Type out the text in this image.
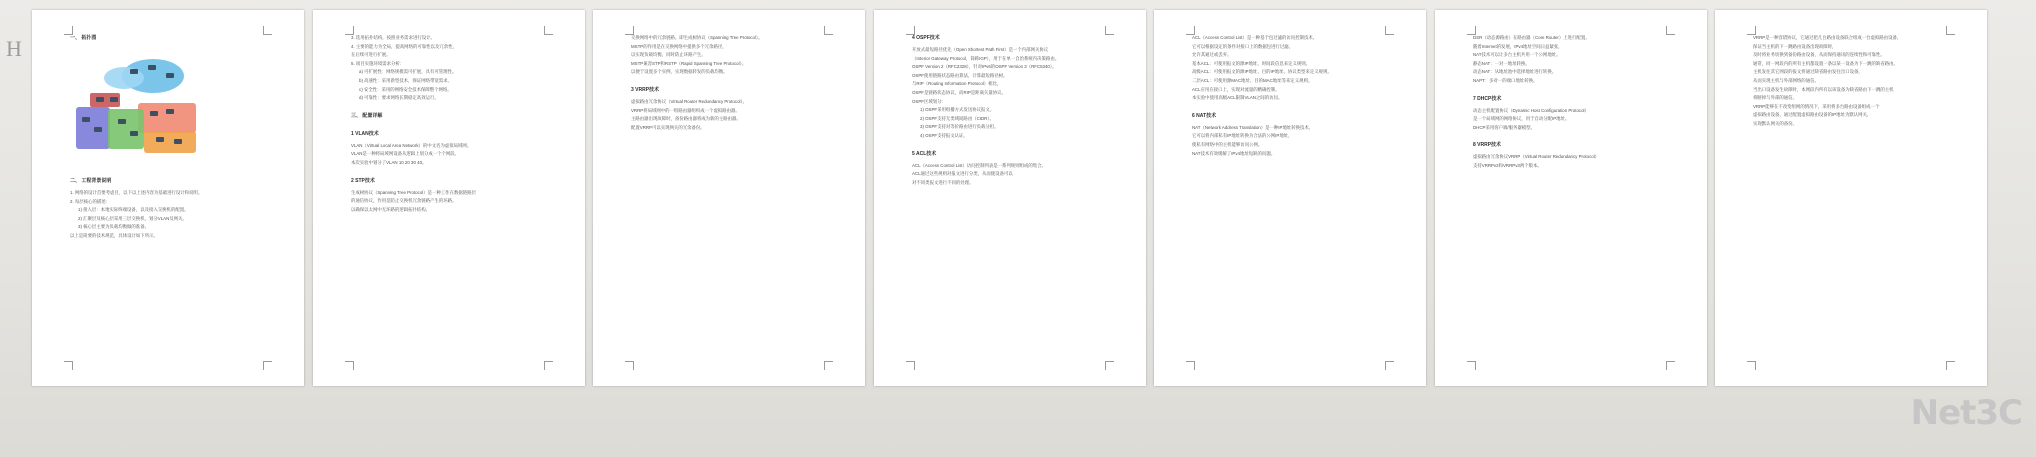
H	一、 拓扑图
二、 工程背景说明
1. 网络的设计首要考虑目，以下以上述内容为基础进行设计和说明。
2. 每层核心的描述:
1) 接入层：本地实际终端设备，以及接入交换机的配置。
2) 汇聚层及核心层采用三层交换机，划分VLAN及网关。
3) 核心层主要为负载均衡做的准备。
以上是简要的技术规范，具体设计如下所示。
3. 选用拓扑结构，按照业务需求进行设计。
4. 主要的能力为全局，提高网络的可靠性以及冗余性，
在后续可进行扩展。
5. 项目实施环境需求分析：
a) 可扩展性：网络规模需可扩展，具有可管理性。
b) 高速性：采用新型技术，保证网络带宽需求。
c) 安全性：采用的网络安全技术保障整个网络。
d) 可靠性：要求网络长期稳定高效运行。
三、 配置详解
1 VLAN技术
VLAN（Virtual Local Area Network）的中文名为虚拟局域网。
VLAN是一种将局域网设备从逻辑上划分成一个个网段。
本次实验中划分了VLAN 10 20 30 40。
2 STP技术
生成树协议（Spanning Tree Protocol）是一种工作在数据链路层
的通信协议，作用是防止交换机冗余链路产生的环路。
以确保以太网中无环路的逻辑拓扑结构。
交换网络中的冗余链路。即生成树协议（Spanning Tree Protocol）。
MSTP的作用是在交换网络中提供多个冗余路径，
以实现负载均衡，同时防止环路产生。
MSTP兼容STP和RSTP（Rapid Spanning Tree Protocol）。
以便于设置多个实例，实现数据转发的负载均衡。
3 VRRP技术
虚拟路由冗余协议（Virtual Router Redundancy Protocol）。
VRRP将局域网中的一组路由器组织成一个虚拟路由器。
主路由器出现故障时，备份路由器将成为新的主路由器。
配置VRRP可以实现网关的冗余备份。
4 OSPF技术
开放式最短路径优先（Open Shortest Path First）是一个内部网关协议
（Interior Gateway Protocol，简称IGP），用于在单一自治系统内决策路由。
OSPF Version 2（RFC2328），针对IPv6的OSPF Version 3（RFC5340）。
OSPF使用链路状态路由算法，计算最短路径树。
与RIP（Routing Information Protocol）相比，
OSPF是链路状态协议，而RIP是距离矢量协议。
OSPF区域划分：
1) OSPF采用组播方式发送协议报文。
2) OSPF支持无类域间路由（CIDR）。
3) OSPF支持对等价路由进行负载分担。
4) OSPF支持报文认证。
5 ACL技术
ACL（Access Control List）访问控制列表是一系列规则组成的集合。
ACL通过这些规则对报文进行分类，从而使设备可以
对不同类报文进行不同的处理。
ACL（Access Control List）是一种基于包过滤的访问控制技术，
它可以根据设定的条件对接口上的数据包进行过滤，
允许其通过或丢弃。
基本ACL：可使用报文的源IP地址、时间段信息来定义规则。
高级ACL：可使用报文的源IP地址、目的IP地址、协议类型来定义规则。
二层ACL：可使用源MAC地址、目的MAC地址等来定义规则。
ACL应用在接口上，实现对流量的精确控制。
本实验中使用高级ACL限制VLAN之间的访问。
6 NAT技术
NAT（Network Address Translation）是一种IP地址转换技术，
它可以将内部私有IP地址转换为合法的公网IP地址，
使私有网络中的主机能够访问公网。
NAT技术有效缓解了IPv4地址短缺的问题。
DSR（动态源路由）在路由器（Core Router）上进行配置。
随着Internet的发展，IPv4地址空间日益紧张，
NAT技术可以让多台主机共用一个公网地址。
静态NAT：一对一地址转换。
动态NAT：从地址池中选择地址进行转换。
NAPT：多对一的端口地址转换。
7 DHCP技术
动态主机配置协议（Dynamic Host Configuration Protocol）
是一个局域网的网络协议，用于自动分配IP地址。
DHCP采用客户端/服务器模型。
8 VRRP技术
虚拟路由冗余协议VRRP（Virtual Router Redundancy Protocol）
支持VRRPv2和VRRPv3两个版本。
VRRP是一种容错协议，它通过把几台路由设备联合组成一台虚拟路由设备，
保证当主机的下一跳路由设备出现故障时，
及时将业务切换到备份路由设备，从而保持通讯的连续性和可靠性。
通常，同一网段内的所有主机都设置一条以某一设备为下一跳的缺省路由。
主机发往其它网段的报文将通过缺省路由发往出口设备，
从而实现主机与外部网络的通信。
当出口设备发生故障时，本网段内所有以该设备为缺省路由下一跳的主机
将断掉与外部的通信。
VRRP能够在不改变组网的情况下，采用将多台路由设备组成一个
虚拟路由设备，通过配置虚拟路由设备的IP地址为默认网关，
实现默认网关的备份。
Net3C
